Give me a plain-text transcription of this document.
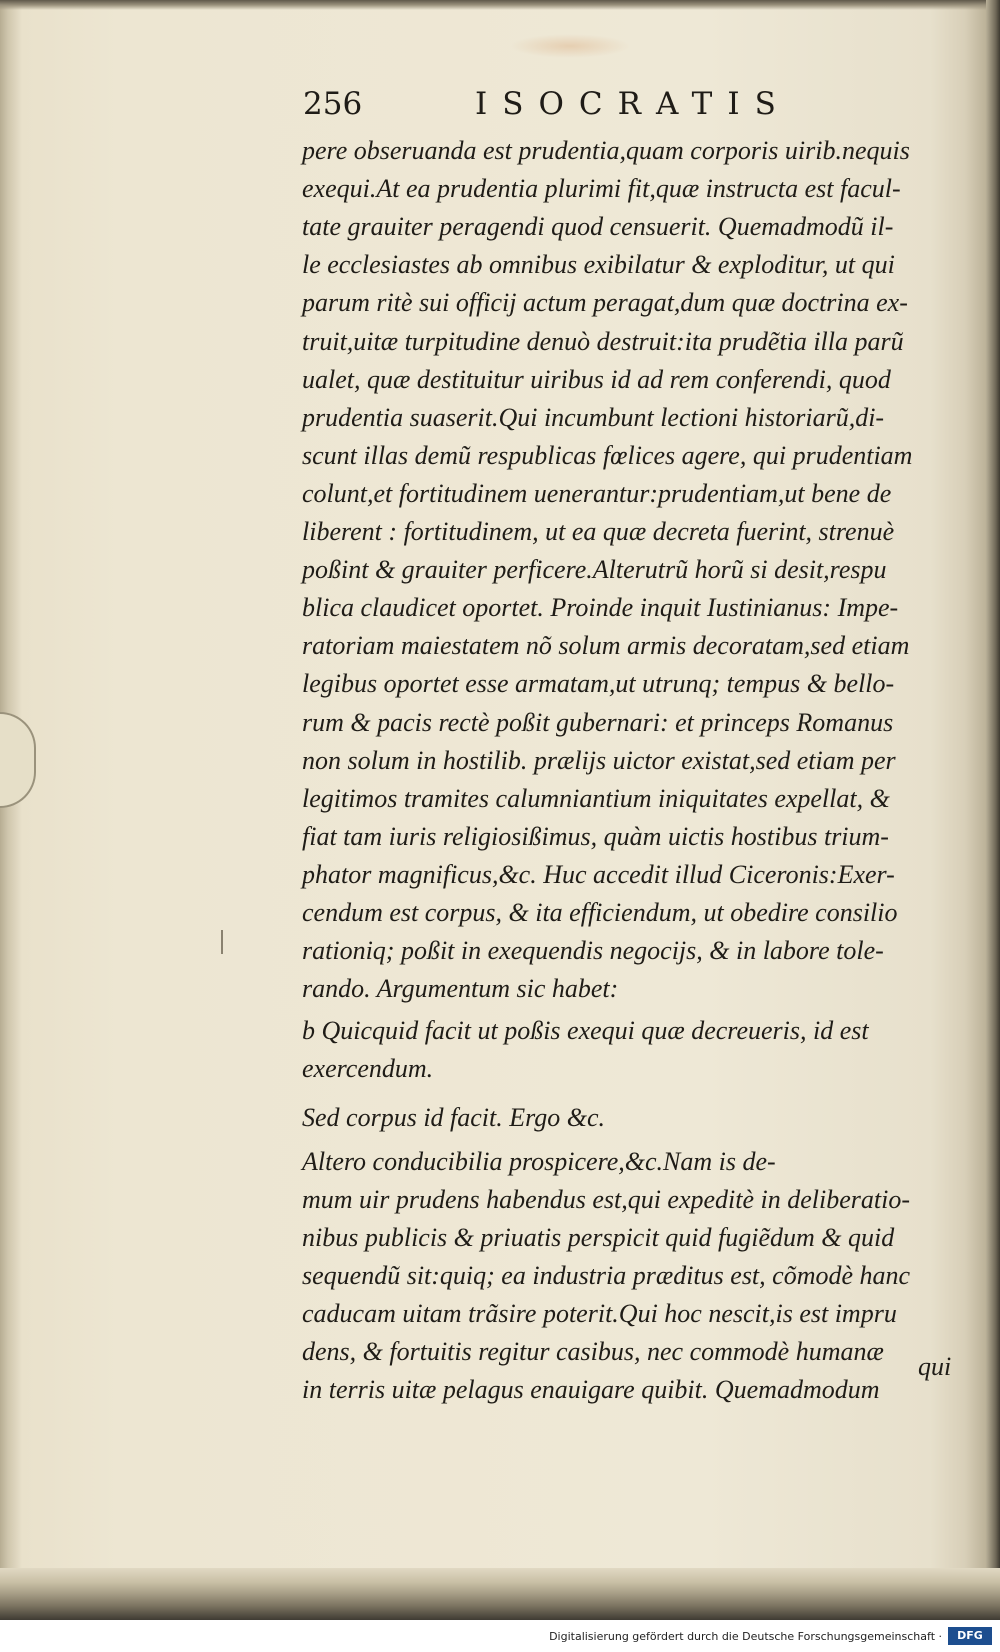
256	ISOCRATIS
pere obseruanda est prudentia,quam corporis uirib.nequis
exequi.At ea prudentia plurimi fit,quæ instructa est facul-
tate grauiter peragendi quod censuerit. Quemadmodũ il-
le ecclesiastes ab omnibus exibilatur & exploditur, ut qui
parum ritè sui officij actum peragat,dum quæ doctrina ex-
truit,uitæ turpitudine denuò destruit:ita prudẽtia illa parũ
ualet, quæ destituitur uiribus id ad rem conferendi, quod
prudentia suaserit.Qui incumbunt lectioni historiarũ,di-
scunt illas demũ respublicas fœlices agere, qui prudentiam
colunt,et fortitudinem uenerantur:prudentiam,ut bene de
liberent : fortitudinem, ut ea quæ decreta fuerint, strenuè
poßint & grauiter perficere.Alterutrũ horũ si desit,respu
blica claudicet oportet. Proinde inquit Iustinianus: Impe-
ratoriam maiestatem nõ solum armis decoratam,sed etiam
legibus oportet esse armatam,ut utrunq; tempus & bello-
rum & pacis rectè poßit gubernari: et princeps Romanus
non solum in hostilib. prælijs uictor existat,sed etiam per
legitimos tramites calumniantium iniquitates expellat, &
fiat tam iuris religiosißimus, quàm uictis hostibus trium-
phator magnificus,&c. Huc accedit illud Ciceronis:Exer-
cendum est corpus, & ita efficiendum, ut obedire consilio
rationiq; poßit in exequendis negocijs, & in labore tole-
rando. Argumentum sic habet:
b Quicquid facit ut poßis exequi quæ decreueris, id est
exercendum.
Sed corpus id facit. Ergo &c.
Altero conducibilia prospicere,&c.Nam is de-
mum uir prudens habendus est,qui expeditè in deliberatio-
nibus publicis & priuatis perspicit quid fugiẽdum & quid
sequendũ sit:quiq; ea industria præditus est, cõmodè hanc
caducam uitam trãsire poterit.Qui hoc nescit,is est impru
dens, & fortuitis regitur casibus, nec commodè humanæ
in terris uitæ pelagus enauigare quibit. Quemadmodum
qui
Digitalisierung gefördert durch die Deutsche Forschungsgemeinschaft ·	DFG
